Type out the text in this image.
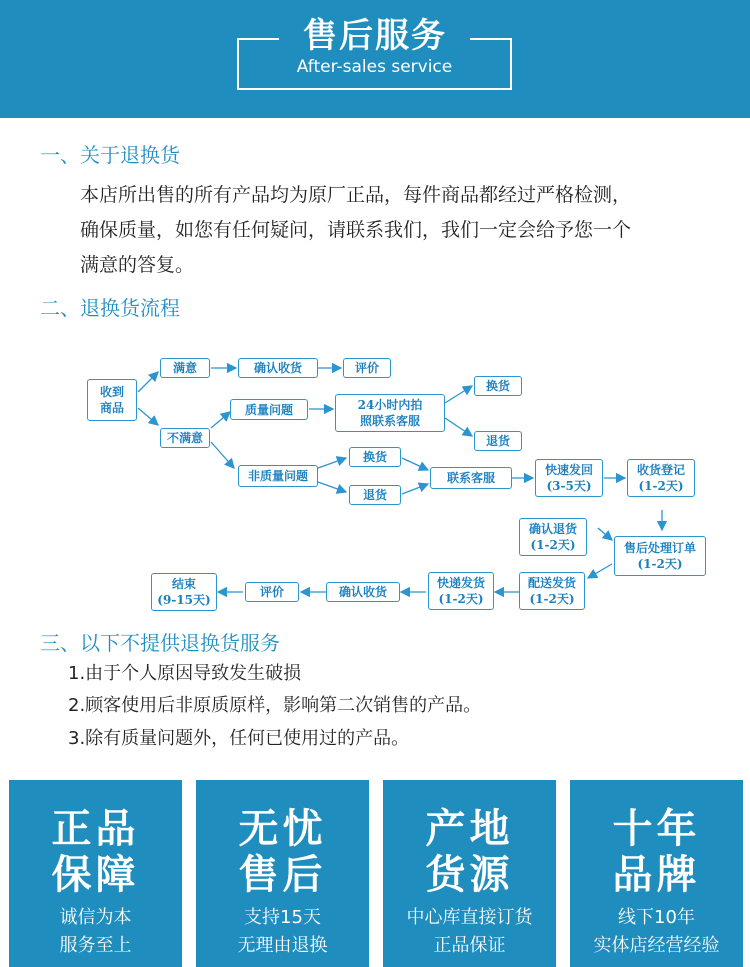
售后服务
After-sales service
一、关于退换货
本店所出售的所有产品均为原厂正品，每件商品都经过严格检测，
确保质量，如您有任何疑问，请联系我们，我们一定会给予您一个
满意的答复。
二、退换货流程
收到
商品
满意	确认收货	评价
不满意
质量问题	24小时内拍
照联系客服
换货
退货
非质量问题
换货
退货
联系客服
快速发回
(3-5天)
收货登记
(1-2天)
确认退货
(1-2天)	售后处理订单
(1-2天)
配送发货
(1-2天)
快递发货
(1-2天)
确认收货
评价
结束
(9-15天)
三、以下不提供退换货服务
1.由于个人原因导致发生破损
2.顾客使用后非原质原样，影响第二次销售的产品。
3.除有质量问题外，任何已使用过的产品。
正品
保障
诚信为本
服务至上
无忧
售后
支持15天
无理由退换
产地
货源
中心库直接订货
正品保证
十年
品牌
线下10年
实体店经营经验
